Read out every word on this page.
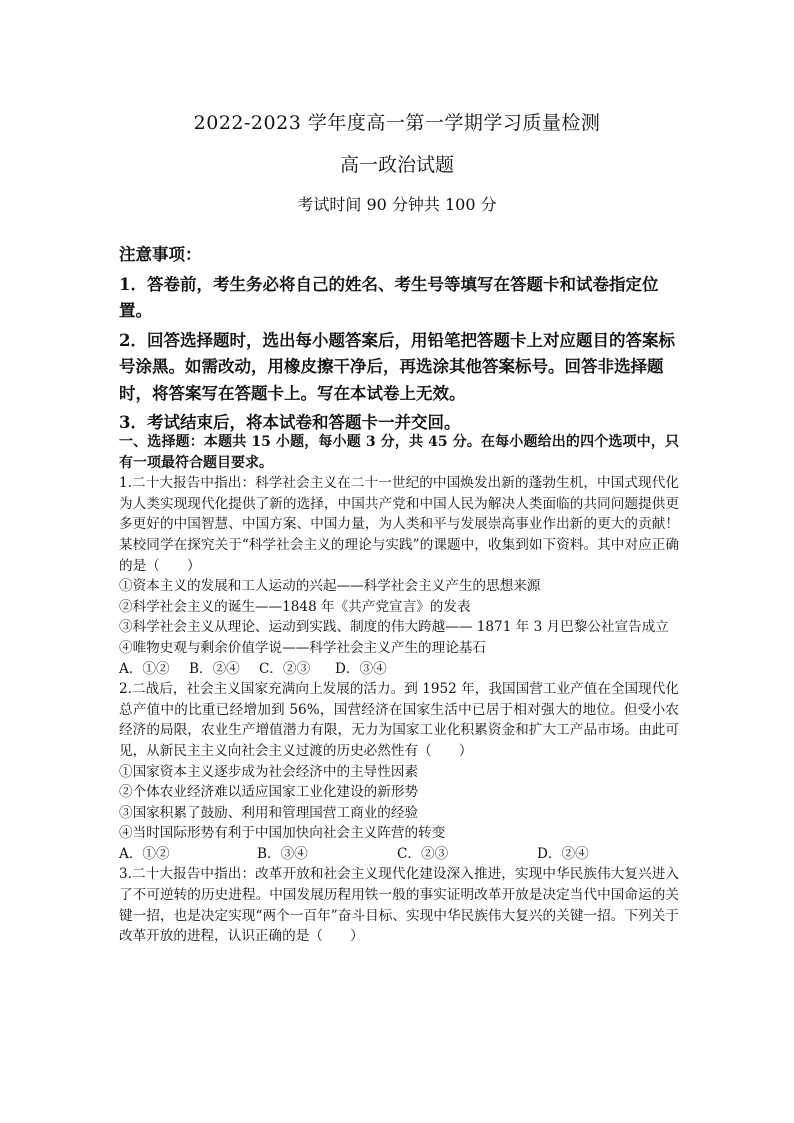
2022-2023 学年度高一第一学期学习质量检测
高一政治试题
考试时间 90 分钟共 100 分

注意事项：

1．答卷前，考生务必将自己的姓名、考生号等填写在答题卡和试卷指定位置。

2．回答选择题时，选出每小题答案后，用铅笔把答题卡上对应题目的答案标号涂黑。如需改动，用橡皮擦干净后，再选涂其他答案标号。回答非选择题时，将答案写在答题卡上。写在本试卷上无效。

3．考试结束后，将本试卷和答题卡一并交回。

一、选择题：本题共 15 小题，每小题 3 分，共 45 分。在每小题给出的四个选项中，只有一项最符合题目要求。

1.二十大报告中指出：科学社会主义在二十一世纪的中国焕发出新的蓬勃生机，中国式现代化为人类实现现代化提供了新的选择，中国共产党和中国人民为解决人类面临的共同问题提供更多更好的中国智慧、中国方案、中国力量，为人类和平与发展崇高事业作出新的更大的贡献！某校同学在探究关于“科学社会主义的理论与实践”的课题中，收集到如下资料。其中对应正确的是（　　）

①资本主义的发展和工人运动的兴起——科学社会主义产生的思想来源

②科学社会主义的诞生——1848 年《共产党宣言》的发表

③科学社会主义从理论、运动到实践、制度的伟大跨越—— 1871 年 3 月巴黎公社宣告成立

④唯物史观与剩余价值学说——科学社会主义产生的理论基石

A．①② B．②④ C．②③ D．③④

2.二战后，社会主义国家充满向上发展的活力。到 1952 年，我国国营工业产值在全国现代化总产值中的比重已经增加到 56%，国营经济在国家生活中已居于相对强大的地位。但受小农经济的局限，农业生产增值潜力有限，无力为国家工业化积累资金和扩大工产品市场。由此可见，从新民主主义向社会主义过渡的历史必然性有（　　）

①国家资本主义逐步成为社会经济中的主导性因素

②个体农业经济难以适应国家工业化建设的新形势

③国家积累了鼓励、利用和管理国营工商业的经验

④当时国际形势有利于中国加快向社会主义阵营的转变

A．①②	B．③④	C．②③	D．②④

3.二十大报告中指出：改革开放和社会主义现代化建设深入推进，实现中华民族伟大复兴进入了不可逆转的历史进程。中国发展历程用铁一般的事实证明改革开放是决定当代中国命运的关键一招，也是决定实现“两个一百年”奋斗目标、实现中华民族伟大复兴的关键一招。下列关于改革开放的进程，认识正确的是（　　）
